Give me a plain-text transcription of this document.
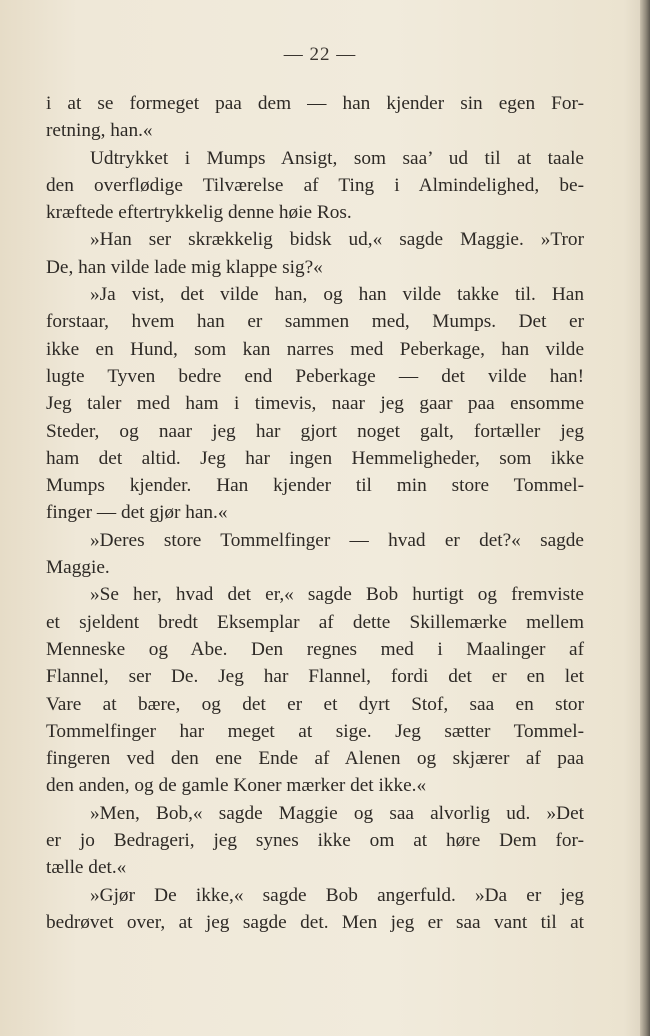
— 22 —
i at se formeget paa dem — han kjender sin egen For-
retning, han.«
Udtrykket i Mumps Ansigt, som saa’ ud til at taale
den overflødige Tilværelse af Ting i Almindelighed, be-
kræftede eftertrykkelig denne høie Ros.
»Han ser skrækkelig bidsk ud,« sagde Maggie. »Tror
De, han vilde lade mig klappe sig?«
»Ja vist, det vilde han, og han vilde takke til. Han
forstaar, hvem han er sammen med, Mumps. Det er
ikke en Hund, som kan narres med Peberkage, han vilde
lugte Tyven bedre end Peberkage — det vilde han!
Jeg taler med ham i timevis, naar jeg gaar paa ensomme
Steder, og naar jeg har gjort noget galt, fortæller jeg
ham det altid. Jeg har ingen Hemmeligheder, som ikke
Mumps kjender. Han kjender til min store Tommel-
finger — det gjør han.«
»Deres store Tommelfinger — hvad er det?« sagde
Maggie.
»Se her, hvad det er,« sagde Bob hurtigt og fremviste
et sjeldent bredt Eksemplar af dette Skillemærke mellem
Menneske og Abe. Den regnes med i Maalinger af
Flannel, ser De. Jeg har Flannel, fordi det er en let
Vare at bære, og det er et dyrt Stof, saa en stor
Tommelfinger har meget at sige. Jeg sætter Tommel-
fingeren ved den ene Ende af Alenen og skjærer af paa
den anden, og de gamle Koner mærker det ikke.«
»Men, Bob,« sagde Maggie og saa alvorlig ud. »Det
er jo Bedrageri, jeg synes ikke om at høre Dem for-
tælle det.«
»Gjør De ikke,« sagde Bob angerfuld. »Da er jeg
bedrøvet over, at jeg sagde det. Men jeg er saa vant til at
